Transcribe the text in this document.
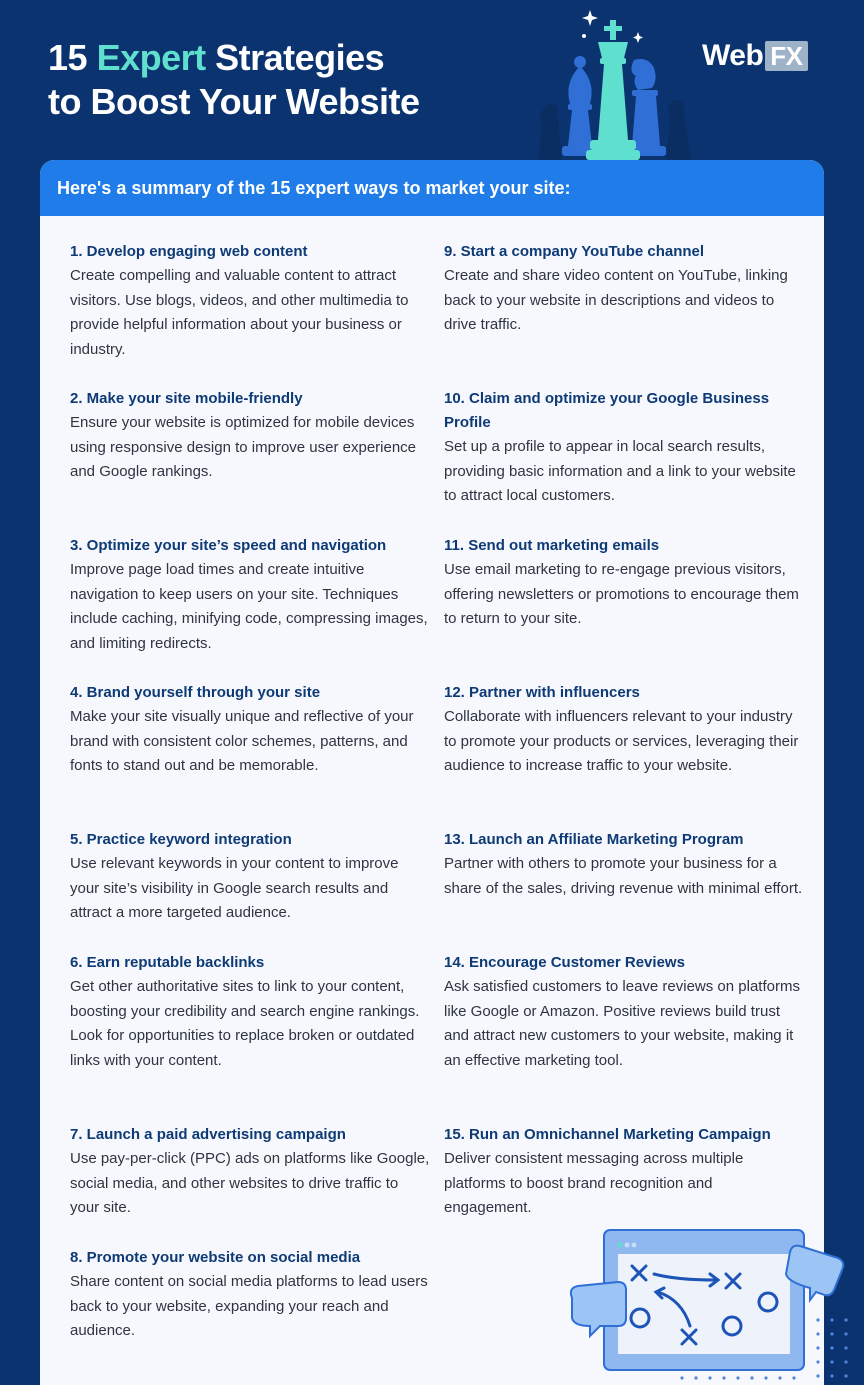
15 Expert Strategies
to Boost Your Website
Web FX
Here's a summary of the 15 expert ways to market your site:
1. Develop engaging web content

Create compelling and valuable content to attract visitors. Use blogs, videos, and other multimedia to provide helpful information about your business or industry.

2. Make your site mobile-friendly

Ensure your website is optimized for mobile devices using responsive design to improve user experience and Google rankings.

3. Optimize your site’s speed and navigation

Improve page load times and create intuitive navigation to keep users on your site. Techniques include caching, minifying code, compressing images, and limiting redirects.

4. Brand yourself through your site

Make your site visually unique and reflective of your brand with consistent color schemes, patterns, and fonts to stand out and be memorable.

5. Practice keyword integration

Use relevant keywords in your content to improve your site’s visibility in Google search results and attract a more targeted audience.

6. Earn reputable backlinks

Get other authoritative sites to link to your content, boosting your credibility and search engine rankings. Look for opportunities to replace broken or outdated links with your content.

7. Launch a paid advertising campaign

Use pay-per-click (PPC) ads on platforms like Google, social media, and other websites to drive traffic to your site.

8. Promote your website on social media

Share content on social media platforms to lead users back to your website, expanding your reach and audience.

9. Start a company YouTube channel

Create and share video content on YouTube, linking back to your website in descriptions and videos to drive traffic.

10. Claim and optimize your Google Business Profile

Set up a profile to appear in local search results, providing basic information and a link to your website to attract local customers.

11. Send out marketing emails

Use email marketing to re-engage previous visitors, offering newsletters or promotions to encourage them to return to your site.

12. Partner with influencers

Collaborate with influencers relevant to your industry to promote your products or services, leveraging their audience to increase traffic to your website.

13. Launch an Affiliate Marketing Program

Partner with others to promote your business for a share of the sales, driving revenue with minimal effort.

14. Encourage Customer Reviews

Ask satisfied customers to leave reviews on platforms like Google or Amazon. Positive reviews build trust and attract new customers to your website, making it an effective marketing tool.

15. Run an Omnichannel Marketing Campaign

Deliver consistent messaging across multiple platforms to boost brand recognition and engagement.
